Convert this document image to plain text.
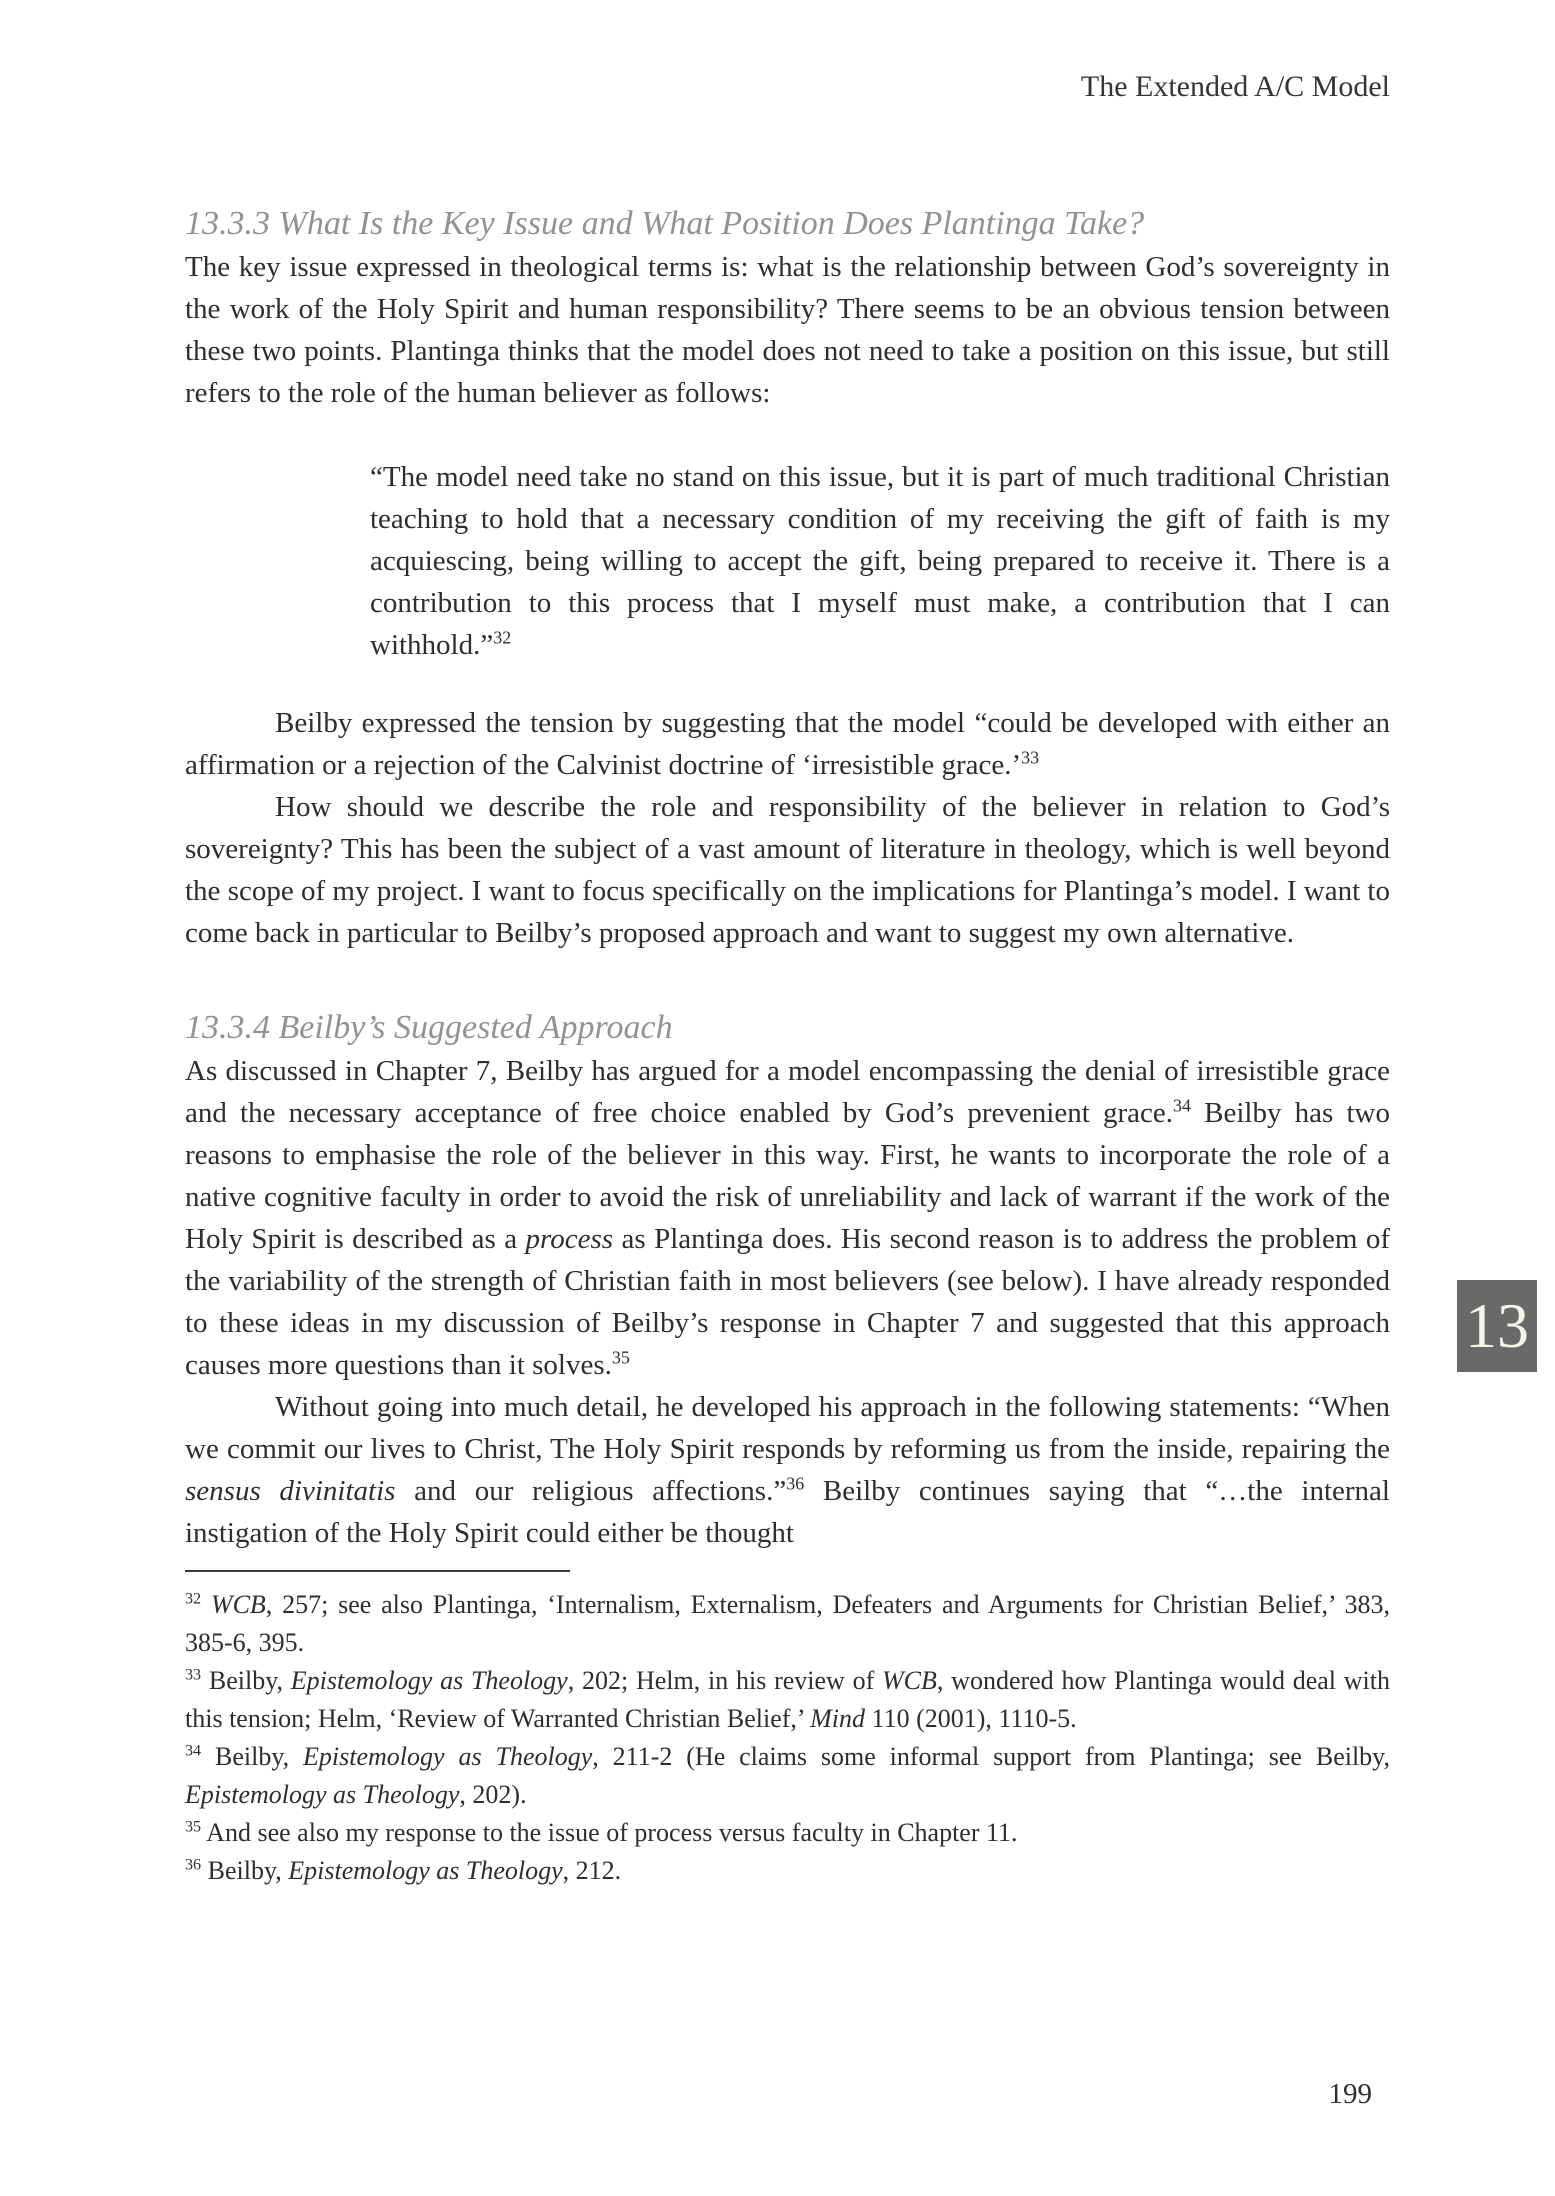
The Extended A/C Model
13.3.3 What Is the Key Issue and What Position Does Plantinga Take?

The key issue expressed in theological terms is: what is the relationship between God’s sovereignty in the work of the Holy Spirit and human responsibility? There seems to be an obvious tension between these two points. Plantinga thinks that the model does not need to take a position on this issue, but still refers to the role of the human believer as follows:

“The model need take no stand on this issue, but it is part of much traditional Christian teaching to hold that a necessary condition of my receiving the gift of faith is my acquiescing, being willing to accept the gift, being prepared to receive it. There is a contribution to this process that I myself must make, a contribution that I can withhold.”$^{32}$

Beilby expressed the tension by suggesting that the model “could be developed with either an affirmation or a rejection of the Calvinist doctrine of ‘irresistible grace.’$^{33}$

How should we describe the role and responsibility of the believer in relation to God’s sovereignty? This has been the subject of a vast amount of literature in theology, which is well beyond the scope of my project. I want to focus specifically on the implications for Plantinga’s model. I want to come back in particular to Beilby’s proposed approach and want to suggest my own alternative.

13.3.4 Beilby’s Suggested Approach

As discussed in Chapter 7, Beilby has argued for a model encompassing the denial of irresistible grace and the necessary acceptance of free choice enabled by God’s prevenient grace.$^{34}$ Beilby has two reasons to emphasise the role of the believer in this way. First, he wants to incorporate the role of a native cognitive faculty in order to avoid the risk of unreliability and lack of warrant if the work of the Holy Spirit is described as a process as Plantinga does. His second reason is to address the problem of the variability of the strength of Christian faith in most believers (see below). I have already responded to these ideas in my discussion of Beilby’s response in Chapter 7 and suggested that this approach causes more questions than it solves.$^{35}$

Without going into much detail, he developed his approach in the following statements: “When we commit our lives to Christ, The Holy Spirit responds by reforming us from the inside, repairing the sensus divinitatis and our religious affections.”$^{36}$ Beilby continues saying that “…the internal instigation of the Holy Spirit could either be thought

$^{32}$ WCB, 257; see also Plantinga, ‘Internalism, Externalism, Defeaters and Arguments for Christian Belief,’ 383, 385-6, 395.

$^{33}$ Beilby, Epistemology as Theology, 202; Helm, in his review of WCB, wondered how Plantinga would deal with this tension; Helm, ‘Review of Warranted Christian Belief,’ Mind 110 (2001), 1110-5.

$^{34}$ Beilby, Epistemology as Theology, 211-2 (He claims some informal support from Plantinga; see Beilby, Epistemology as Theology, 202).

$^{35}$ And see also my response to the issue of process versus faculty in Chapter 11.

$^{36}$ Beilby, Epistemology as Theology, 212.

13
199
